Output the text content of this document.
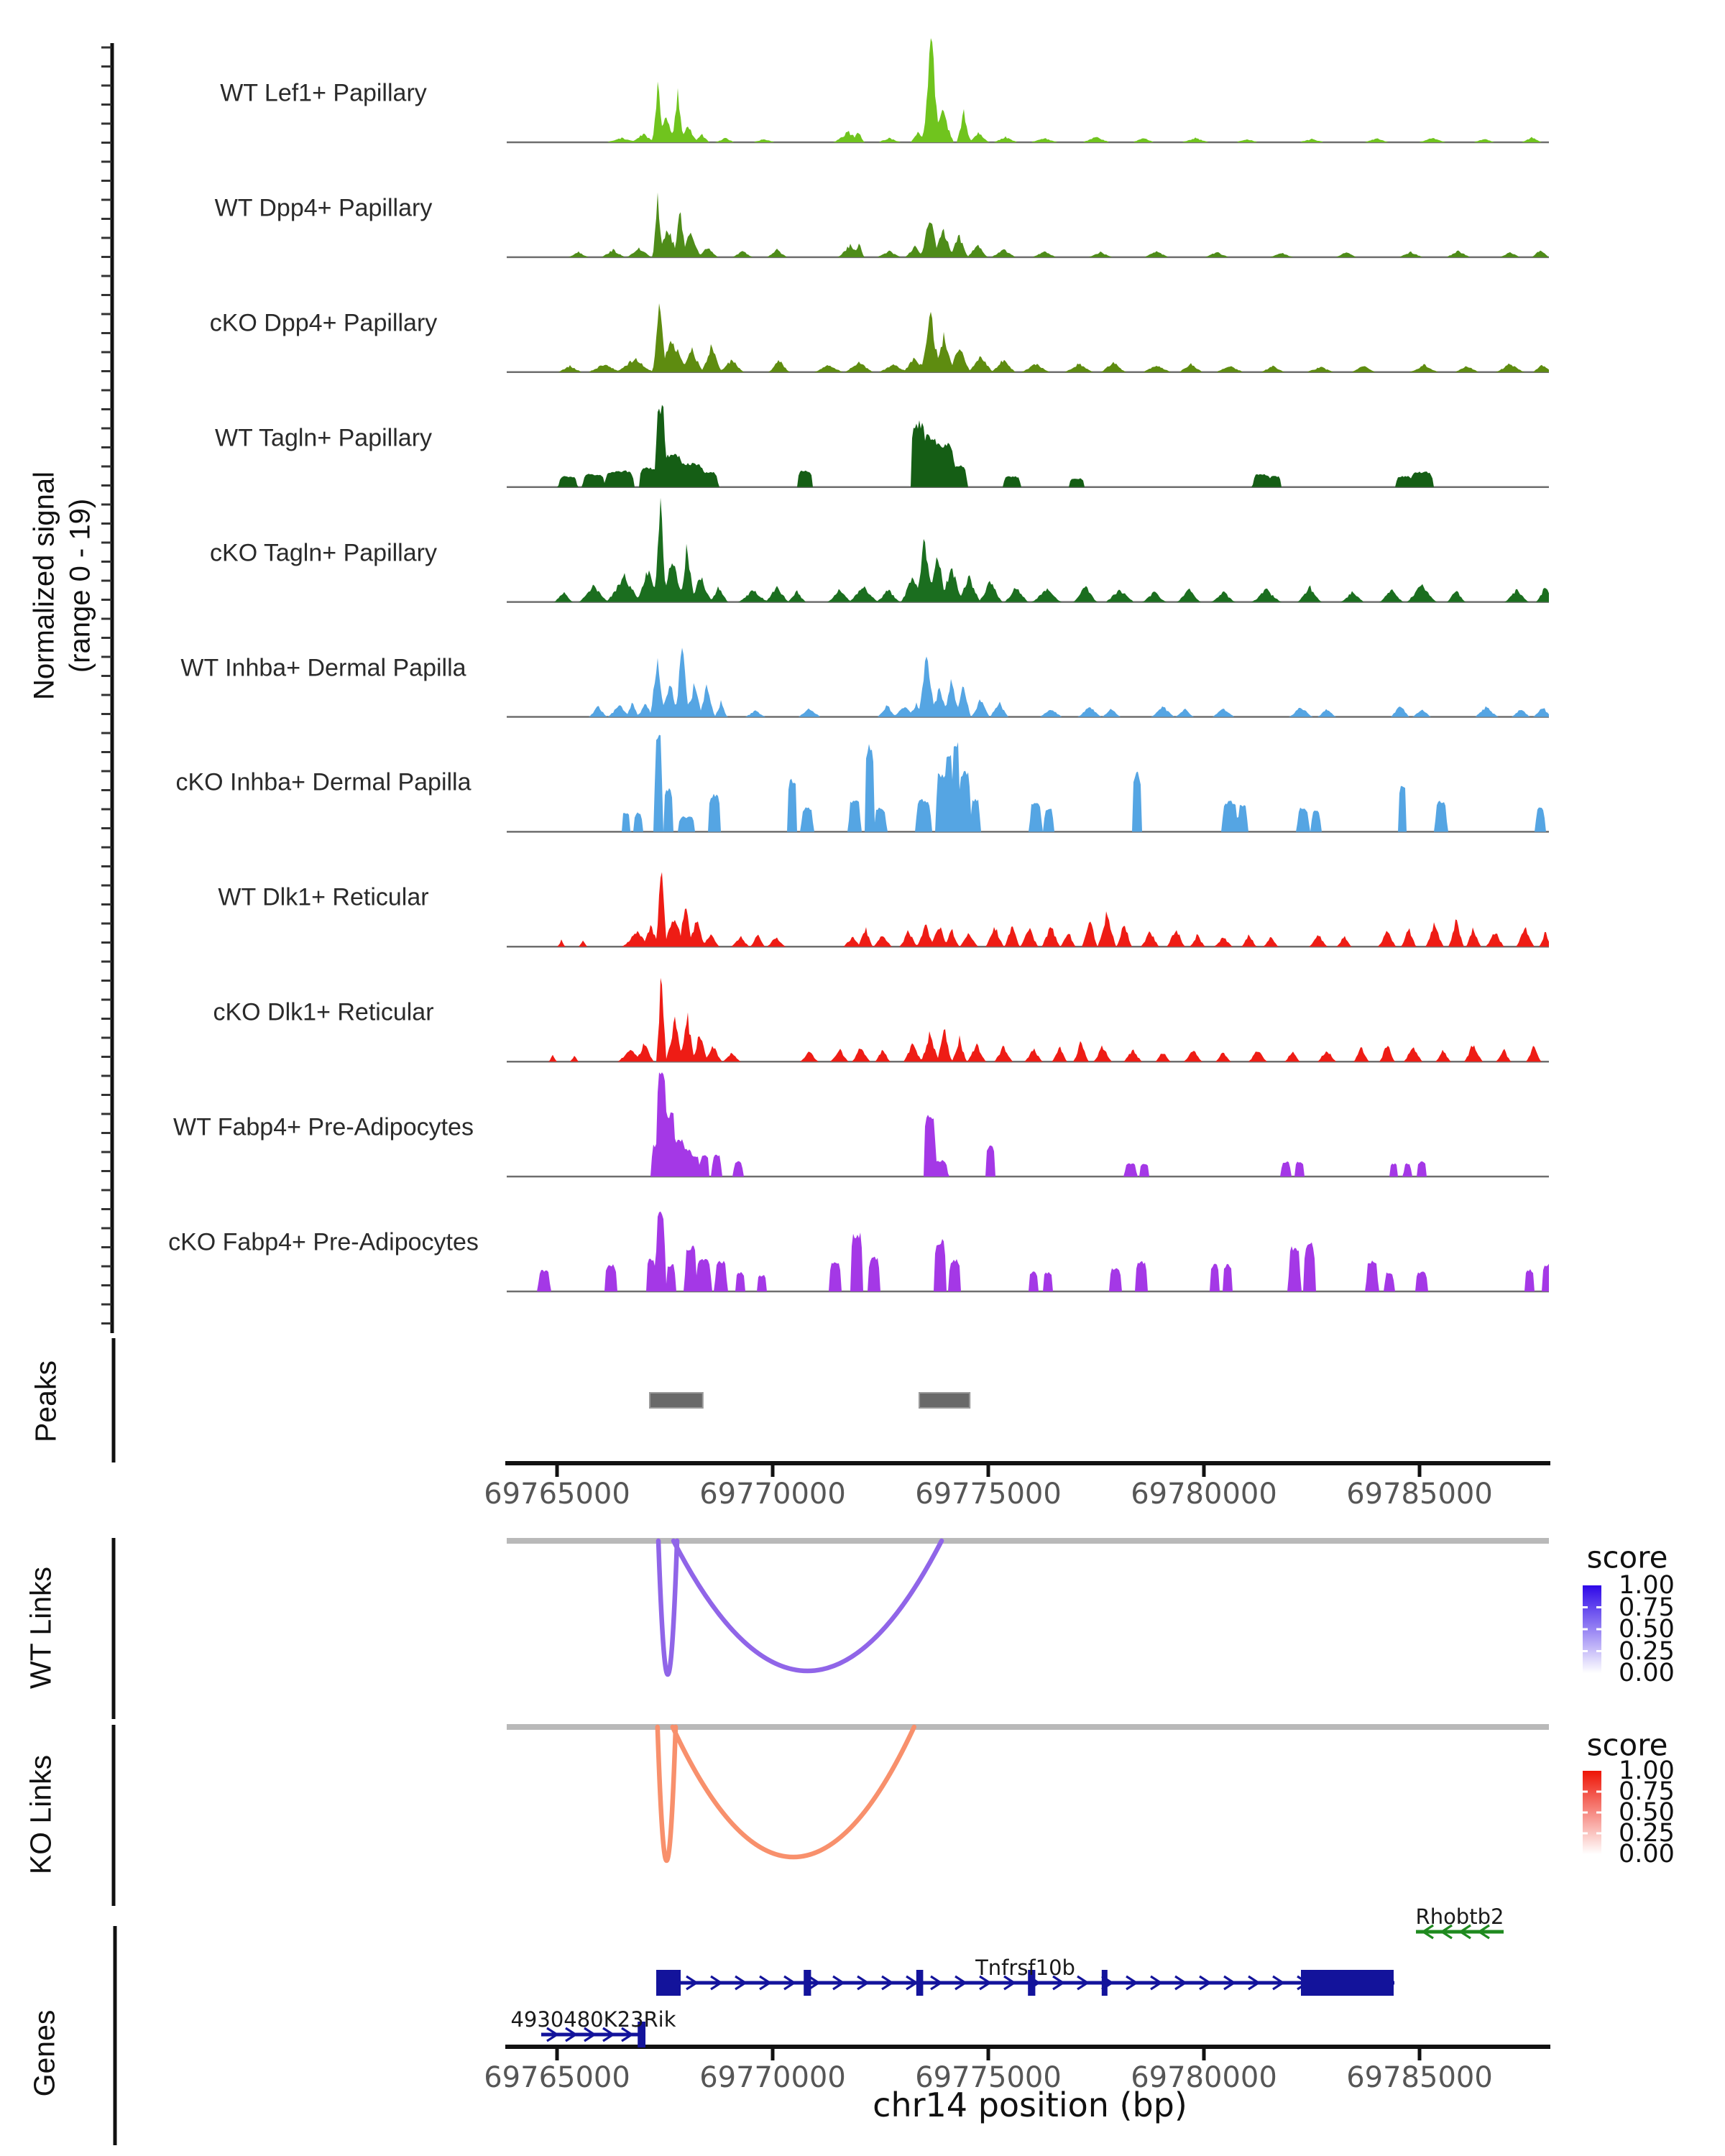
Normalized signal (range 0 - 19)
Peaks
WT Links
KO Links
Genes
chr14 position (bp)
WT Lef1+ Papillary
WT Dpp4+ Papillary
cKO Dpp4+ Papillary
WT Tagln+ Papillary
cKO Tagln+ Papillary
WT Inhba+ Dermal Papilla
cKO Inhba+ Dermal Papilla
WT Dlk1+ Reticular
cKO Dlk1+ Reticular
WT Fabp4+ Pre-Adipocytes
cKO Fabp4+ Pre-Adipocytes
69765000 69770000 69775000 69780000 69785000
69765000 69770000 69775000 69780000 69785000
score
1.00
0.75
0.50
0.25
0.00
score
1.00
0.75
0.50
0.25
0.00
Tnfrsf10b
4930480K23Rik
Rhobtb2
